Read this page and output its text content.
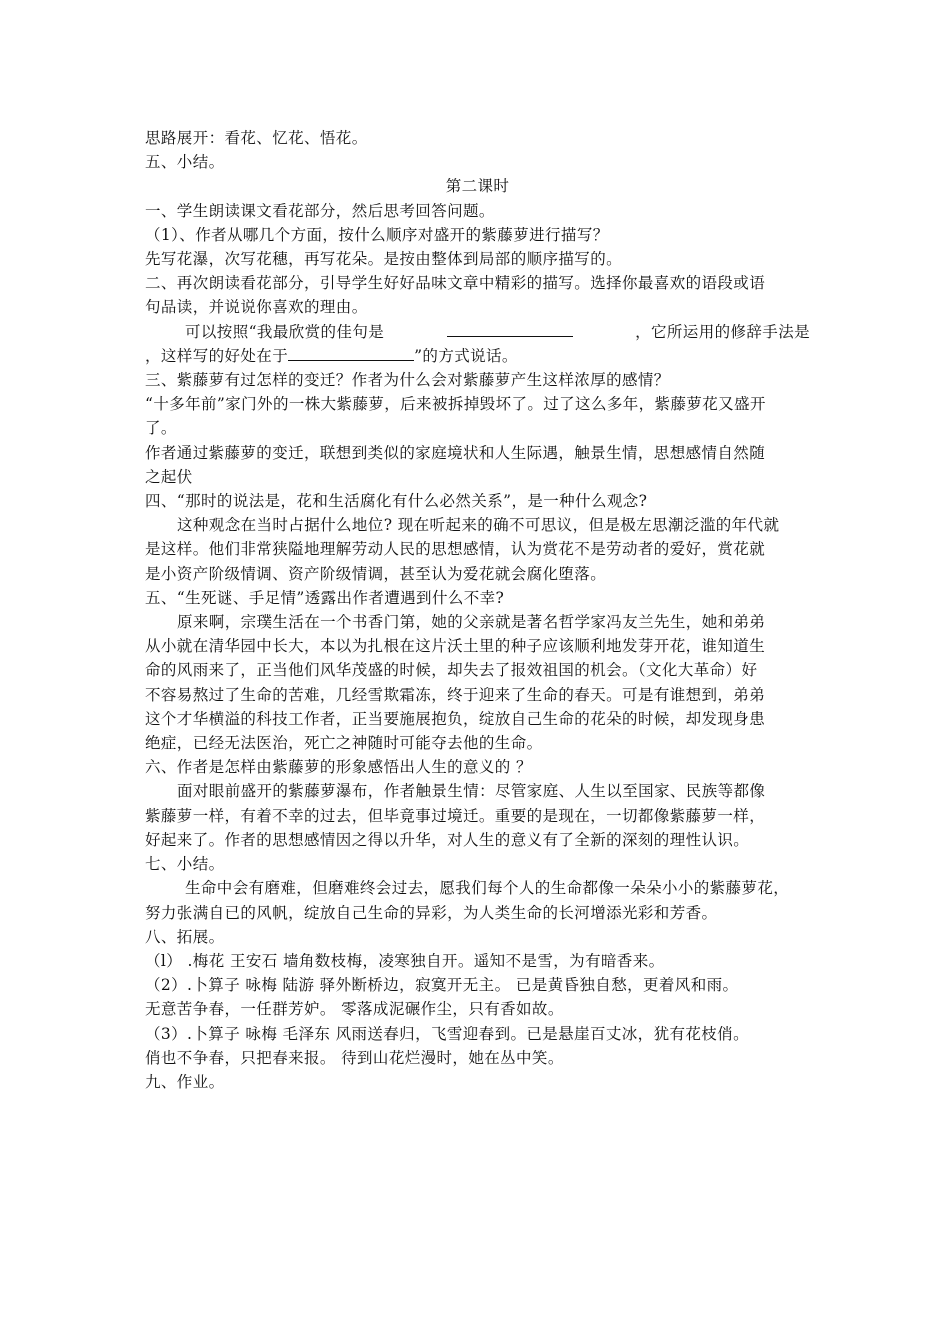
思路展开：看花、忆花、悟花。
五、小结。
第二课时
一、学生朗读课文看花部分，然后思考回答问题。
（1）、作者从哪几个方面，按什么顺序对盛开的紫藤萝进行描写？
先写花瀑，次写花穗，再写花朵。是按由整体到局部的顺序描写的。
二、再次朗读看花部分，引导学生好好品味文章中精彩的描写。选择你最喜欢的语段或语
句品读，并说说你喜欢的理由。
可以按照“我最欣赏的佳句是	，它所运用的修辞手法是
，这样写的好处在于	”的方式说话。
三、紫藤萝有过怎样的变迁？作者为什么会对紫藤萝产生这样浓厚的感情？
“十多年前”家门外的一株大紫藤萝，后来被拆掉毁坏了。过了这么多年，紫藤萝花又盛开
了。
作者通过紫藤萝的变迁，联想到类似的家庭境状和人生际遇，触景生情，思想感情自然随
之起伏
四、“那时的说法是，花和生活腐化有什么必然关系”，是一种什么观念?
这种观念在当时占据什么地位? 现在听起来的确不可思议，但是极左思潮泛滥的年代就
是这样。他们非常狭隘地理解劳动人民的思想感情，认为赏花不是劳动者的爱好，赏花就
是小资产阶级情调、资产阶级情调，甚至认为爱花就会腐化堕落。
五、“生死谜、手足情”透露出作者遭遇到什么不幸?
原来啊，宗璞生活在一个书香门第，她的父亲就是著名哲学家冯友兰先生，她和弟弟
从小就在清华园中长大，本以为扎根在这片沃土里的种子应该顺利地发芽开花，谁知道生
命的风雨来了，正当他们风华茂盛的时候，却失去了报效祖国的机会。（文化大革命）好
不容易熬过了生命的苦难，几经雪欺霜冻，终于迎来了生命的春天。可是有谁想到，弟弟
这个才华横溢的科技工作者，正当要施展抱负，绽放自己生命的花朵的时候，却发现身患
绝症，已经无法医治，死亡之神随时可能夺去他的生命。
六、作者是怎样由紫藤萝的形象感悟出人生的意义的 ？
面对眼前盛开的紫藤萝瀑布，作者触景生情：尽管家庭、人生以至国家、民族等都像
紫藤萝一样，有着不幸的过去，但毕竟事过境迁。重要的是现在，一切都像紫藤萝一样，
好起来了。作者的思想感情因之得以升华，对人生的意义有了全新的深刻的理性认识。
七、小结。
生命中会有磨难，但磨难终会过去，愿我们每个人的生命都像一朵朵小小的紫藤萝花，
努力张满自已的风帆，绽放自己生命的异彩，为人类生命的长河增添光彩和芳香。
八、拓展。
（l） .梅花 王安石 墙角数枝梅，凌寒独自开。遥知不是雪，为有暗香来。
（2）.卜算子 咏梅 陆游 驿外断桥边，寂寞开无主。 已是黄昏独自愁，更着风和雨。
无意苦争春，一任群芳妒。 零落成泥碾作尘，只有香如故。
（3）.卜算子 咏梅 毛泽东 风雨送春归，飞雪迎春到。已是悬崖百丈冰，犹有花枝俏。
俏也不争春，只把春来报。 待到山花烂漫时，她在丛中笑。
九、作业。
